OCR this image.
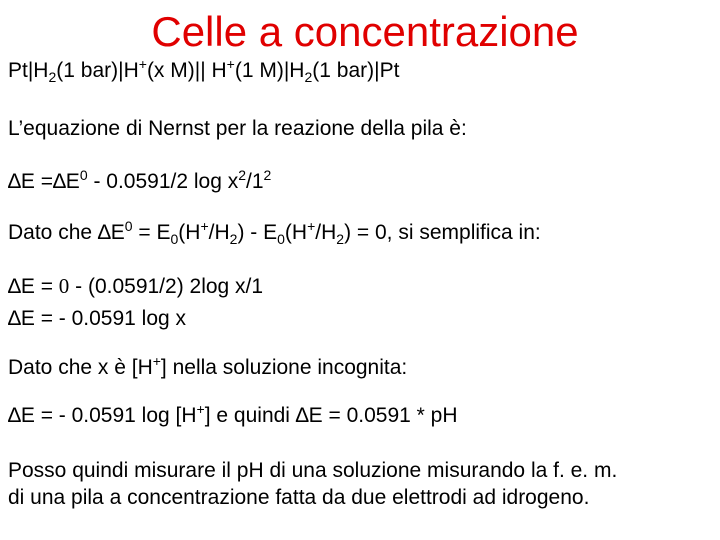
Celle a concentrazione
$Pt|H_2(1$ bar)|H+(x M)|| H+(1 $M)|H_2(1$ bar)|Pt
L’equazione di Nernst per la reazione della pila è:
$\Delta E =\Delta E^0 - 0.0591/2$ $\log x^2/1^2$
Dato che $\Delta E^0 = E_0(H^+/H_2) - E_0(H^+/H_2) = 0$, si semplifica in:
∆E = 0 - (0.0591/2) 2log x/1
∆E = - 0.0591 log x
Dato che x è [H+] nella soluzione incognita:
∆E = - 0.0591 log [H+] e quindi ∆E = 0.0591 * pH
Posso quindi misurare il pH di una soluzione misurando la f. e. m.
di una pila a concentrazione fatta da due elettrodi ad idrogeno.
